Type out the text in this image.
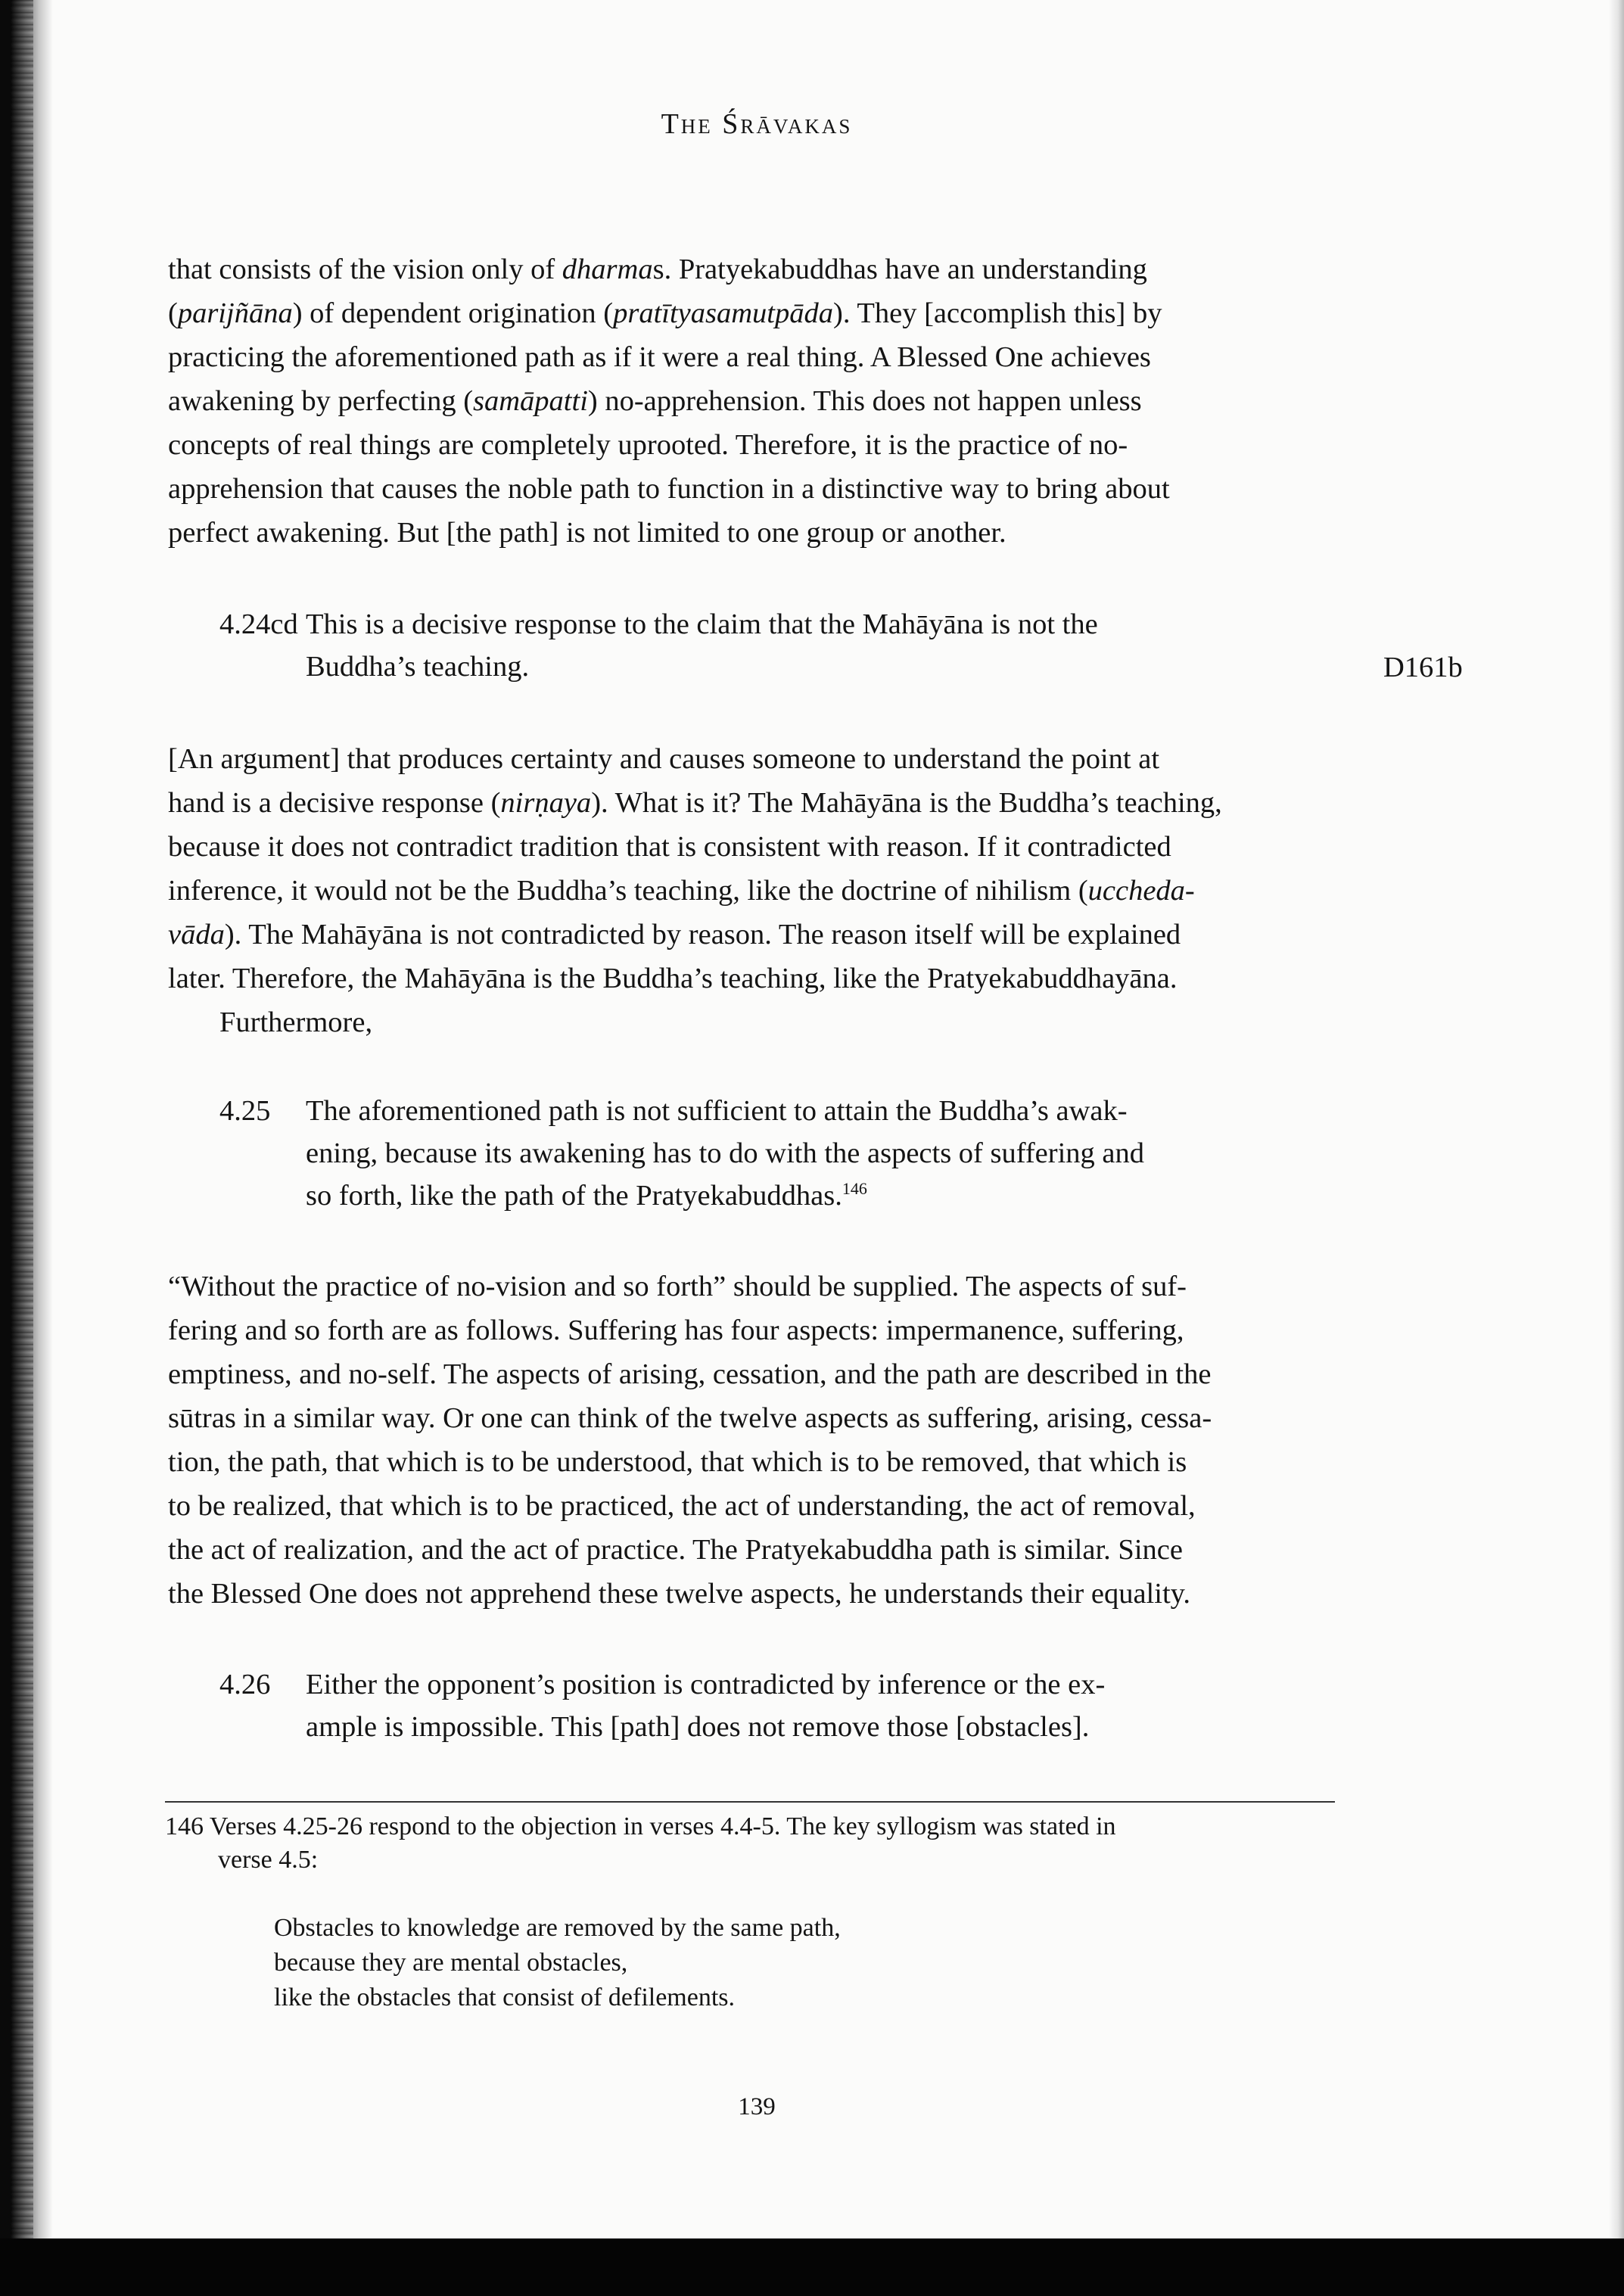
The Śrāvakas
that consists of the vision only of dharmas. Pratyekabuddhas have an understanding
(parijñāna) of dependent origination (pratītyasamutpāda). They [accomplish this] by
practicing the aforementioned path as if it were a real thing. A Blessed One achieves
awakening by perfecting (samāpatti) no-apprehension. This does not happen unless
concepts of real things are completely uprooted. Therefore, it is the practice of no-
apprehension that causes the noble path to function in a distinctive way to bring about
perfect awakening. But [the path] is not limited to one group or another.
4.24cd This is a decisive response to the claim that the Mahāyāna is not the
Buddha’s teaching.	D161b
[An argument] that produces certainty and causes someone to understand the point at
hand is a decisive response (nirṇaya). What is it? The Mahāyāna is the Buddha’s teaching,
because it does not contradict tradition that is consistent with reason. If it contradicted
inference, it would not be the Buddha’s teaching, like the doctrine of nihilism (uccheda-
vāda). The Mahāyāna is not contradicted by reason. The reason itself will be explained
later. Therefore, the Mahāyāna is the Buddha’s teaching, like the Pratyekabuddhayāna.
Furthermore,
4.25 The aforementioned path is not sufficient to attain the Buddha’s awak-
ening, because its awakening has to do with the aspects of suffering and
so forth, like the path of the Pratyekabuddhas.$^{146}$
“Without the practice of no-vision and so forth” should be supplied. The aspects of suf-
fering and so forth are as follows. Suffering has four aspects: impermanence, suffering,
emptiness, and no-self. The aspects of arising, cessation, and the path are described in the
sūtras in a similar way. Or one can think of the twelve aspects as suffering, arising, cessa-
tion, the path, that which is to be understood, that which is to be removed, that which is
to be realized, that which is to be practiced, the act of understanding, the act of removal,
the act of realization, and the act of practice. The Pratyekabuddha path is similar. Since
the Blessed One does not apprehend these twelve aspects, he understands their equality.
4.26 Either the opponent’s position is contradicted by inference or the ex-
ample is impossible. This [path] does not remove those [obstacles].
146 Verses 4.25-26 respond to the objection in verses 4.4-5. The key syllogism was stated in
verse 4.5:
Obstacles to knowledge are removed by the same path,
because they are mental obstacles,
like the obstacles that consist of defilements.
139
